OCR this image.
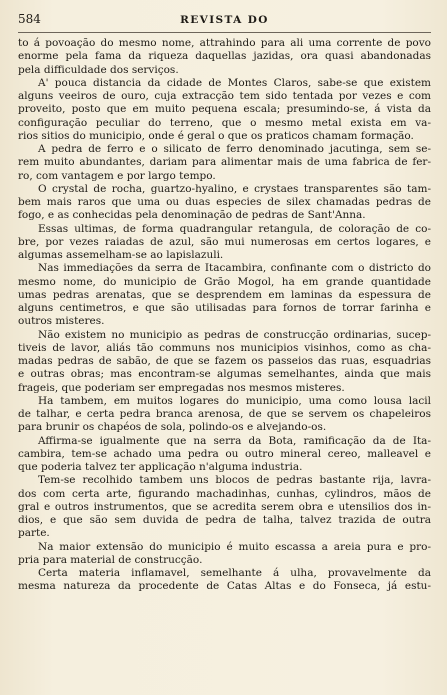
584	REVISTA DO

to á povoação do mesmo nome, attrahindo para ali uma corrente de povo
enorme pela fama da riqueza daquellas jazidas, ora quasi abandonadas
pela difficuldade dos serviços.

A' pouca distancia da cidade de Montes Claros, sabe-se que existem
alguns veeiros de ouro, cuja extracção tem sido tentada por vezes e com
proveito, posto que em muito pequena escala; presumindo-se, á vista da
configuração peculiar do terreno, que o mesmo metal exista em va-
rios sitios do municipio, onde é geral o que os praticos chamam formação.

A pedra de ferro e o silicato de ferro denominado jacutinga, sem se-
rem muito abundantes, dariam para alimentar mais de uma fabrica de fer-
ro, com vantagem e por largo tempo.

O crystal de rocha, guartzo-hyalino, e crystaes transparentes são tam-
bem mais raros que uma ou duas especies de silex chamadas pedras de
fogo, e as conhecidas pela denominação de pedras de Sant'Anna.

Essas ultimas, de forma quadrangular retangula, de coloração de co-
bre, por vezes raiadas de azul, são mui numerosas em certos logares, e
algumas assemelham-se ao lapislazuli.

Nas immediações da serra de Itacambira, confinante com o districto do
mesmo nome, do municipio de Grão Mogol, ha em grande quantidade
umas pedras arenatas, que se desprendem em laminas da espessura de
alguns centimetros, e que são utilisadas para fornos de torrar farinha e
outros misteres.

Não existem no municipio as pedras de construcção ordinarias, sucep-
tiveis de lavor, aliás tão communs nos municipios visinhos, como as cha-
madas pedras de sabão, de que se fazem os passeios das ruas, esquadrias
e outras obras; mas encontram-se algumas semelhantes, ainda que mais
frageis, que poderiam ser empregadas nos mesmos misteres.

Ha tambem, em muitos logares do municipio, uma como lousa lacil
de talhar, e certa pedra branca arenosa, de que se servem os chapeleiros
para brunir os chapéos de sola, polindo-os e alvejando-os.

Affirma-se igualmente que na serra da Bota, ramificação da de Ita-
cambira, tem-se achado uma pedra ou outro mineral cereo, malleavel e
que poderia talvez ter applicação n'alguma industria.

Tem-se recolhido tambem uns blocos de pedras bastante rija, lavra-
dos com certa arte, figurando machadinhas, cunhas, cylindros, mãos de
gral e outros instrumentos, que se acredita serem obra e utensilios dos in-
dios, e que são sem duvida de pedra de talha, talvez trazida de outra
parte.

Na maior extensão do municipio é muito escassa a areia pura e pro-
pria para material de construcção.

Certa materia inflamavel, semelhante á ulha, provavelmente da
mesma natureza da procedente de Catas Altas e do Fonseca, já estu-
